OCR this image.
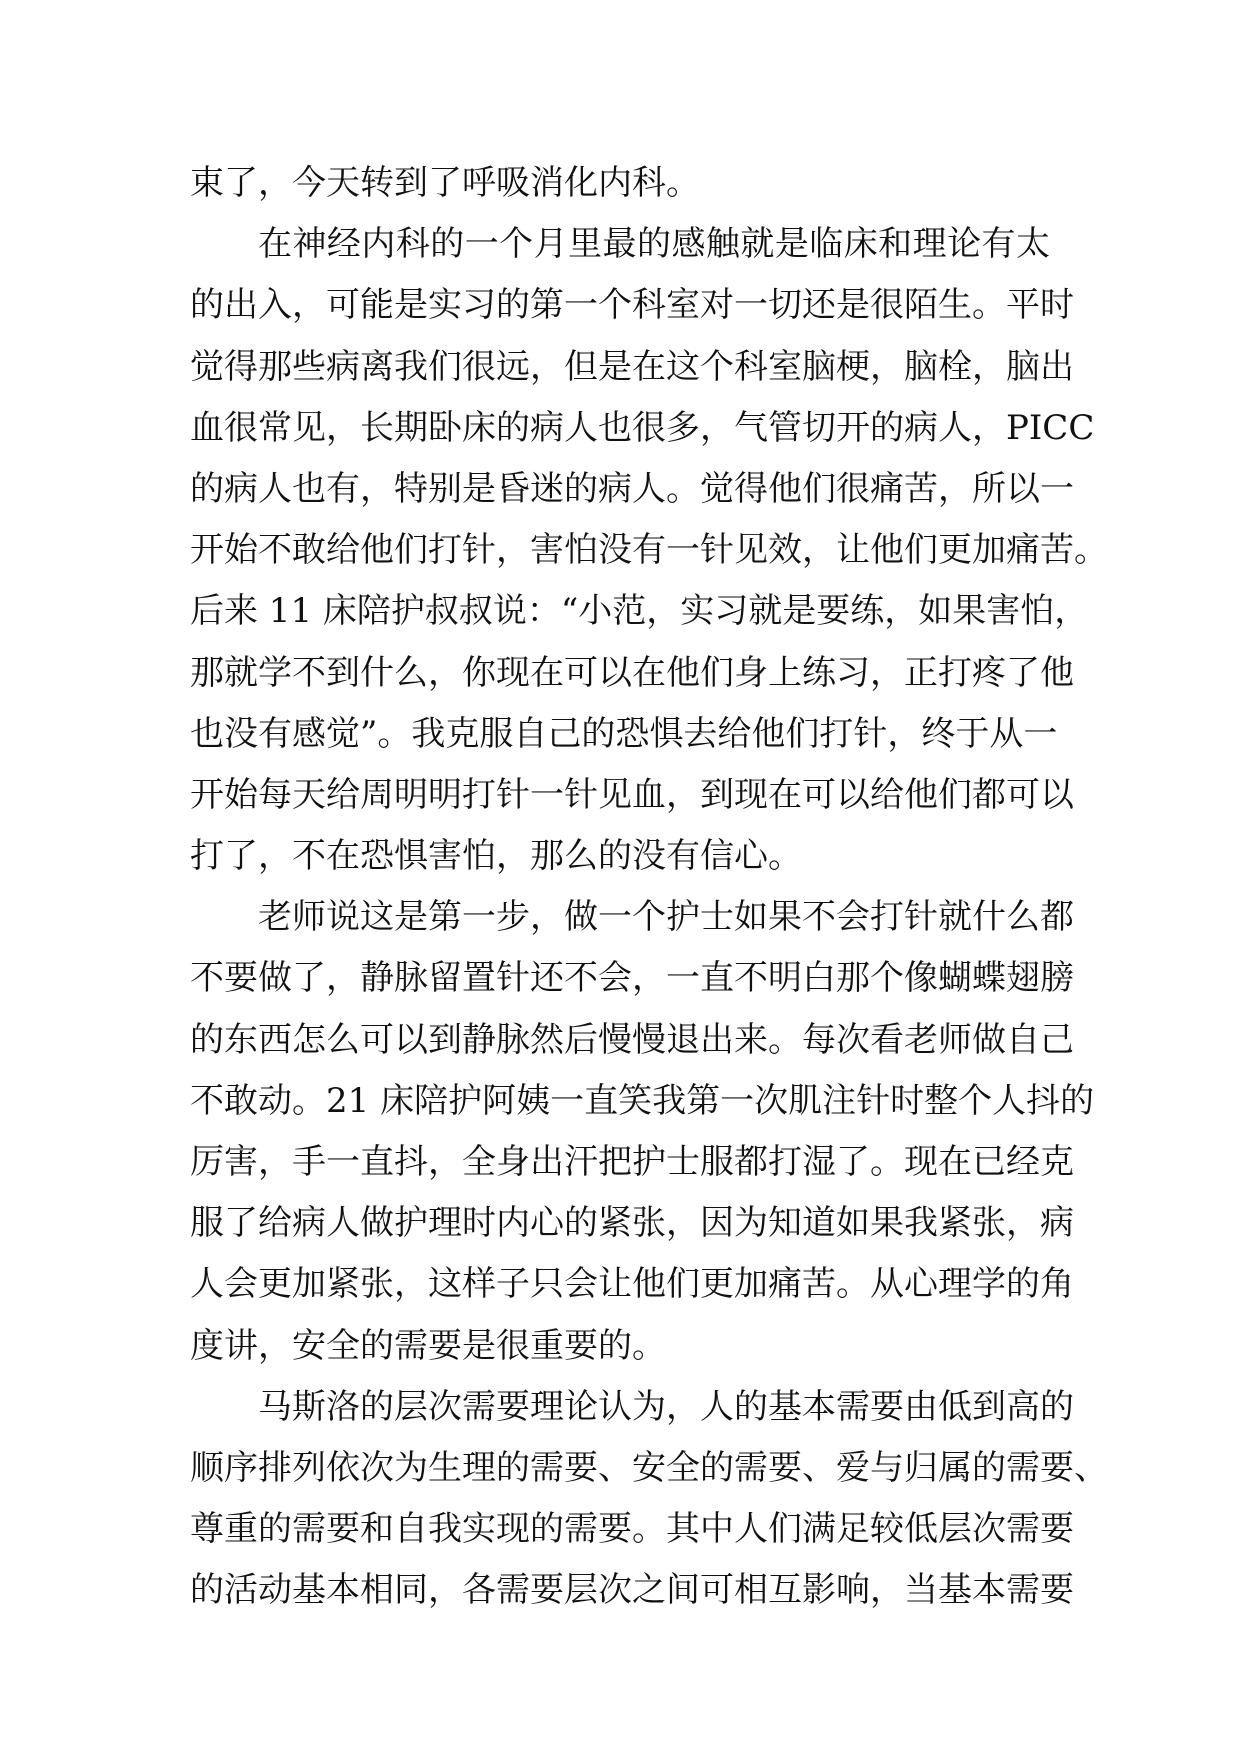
束了，今天转到了呼吸消化内科。
在神经内科的一个月里最的感触就是临床和理论有太
的出入，可能是实习的第一个科室对一切还是很陌生。平时
觉得那些病离我们很远，但是在这个科室脑梗，脑栓，脑出
血很常见，长期卧床的病人也很多，气管切开的病人，PICC
的病人也有，特别是昏迷的病人。觉得他们很痛苦，所以一
开始不敢给他们打针，害怕没有一针见效，让他们更加痛苦。
后来 11 床陪护叔叔说：“小范，实习就是要练，如果害怕，
那就学不到什么，你现在可以在他们身上练习，正打疼了他
也没有感觉”。我克服自己的恐惧去给他们打针，终于从一
开始每天给周明明打针一针见血，到现在可以给他们都可以
打了，不在恐惧害怕，那么的没有信心。
老师说这是第一步，做一个护士如果不会打针就什么都
不要做了，静脉留置针还不会，一直不明白那个像蝴蝶翅膀
的东西怎么可以到静脉然后慢慢退出来。每次看老师做自己
不敢动。21 床陪护阿姨一直笑我第一次肌注针时整个人抖的
厉害，手一直抖，全身出汗把护士服都打湿了。现在已经克
服了给病人做护理时内心的紧张，因为知道如果我紧张，病
人会更加紧张，这样子只会让他们更加痛苦。从心理学的角
度讲，安全的需要是很重要的。
马斯洛的层次需要理论认为，人的基本需要由低到高的
顺序排列依次为生理的需要、安全的需要、爱与归属的需要、
尊重的需要和自我实现的需要。其中人们满足较低层次需要
的活动基本相同，各需要层次之间可相互影响，当基本需要
